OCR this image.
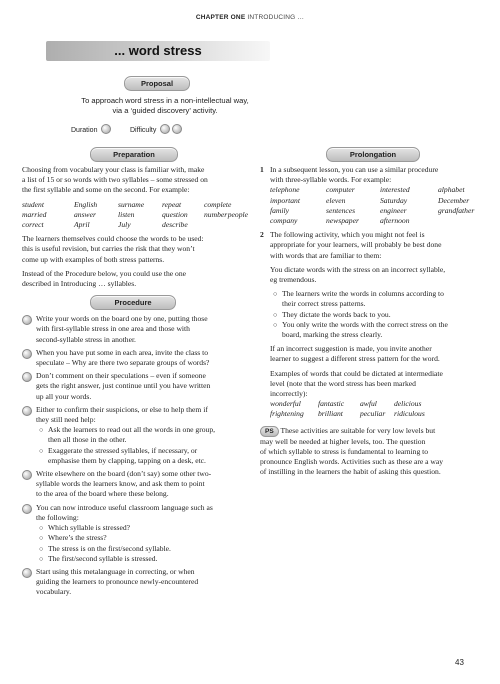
CHAPTER ONE INTRODUCING …
... word stress
Proposal
To approach word stress in a non-intellectual way,
via a ‘guided discovery’ activity.
Duration	Difficulty
Preparation

Choosing from vocabulary your class is familiar with, make
a list of 15 or so words with two syllables – some stressed on
the first syllable and some on the second. For example:

student	English	surname	repeat	complete
married	answer	listen	question	number people
correct	April	July	describe

The learners themselves could choose the words to be used:
this is useful revision, but carries the risk that they won’t
come up with examples of both stress patterns.

Instead of the Procedure below, you could use the one
described in Introducing … syllables.

Procedure
Write your words on the board one by one, putting those
with first-syllable stress in one area and those with
second-syllable stress in another.
When you have put some in each area, invite the class to
speculate – Why are there two separate groups of words?
Don’t comment on their speculations – even if someone
gets the right answer, just continue until you have written
up all your words.
Either to confirm their suspicions, or else to help them if
they still need help:
○ Ask the learners to read out all the words in one group,
then all those in the other.
○ Exaggerate the stressed syllables, if necessary, or
emphasise them by clapping, tapping on a desk, etc.
Write elsewhere on the board (don’t say) some other two-
syllable words the learners know, and ask them to point
to the area of the board where these belong.
You can now introduce useful classroom language such as
the following:
○ Which syllable is stressed?
○ Where’s the stress?
○ The stress is on the first/second syllable.
○ The first/second syllable is stressed.
Start using this metalanguage in correcting, or when
guiding the learners to pronounce newly-encountered
vocabulary.
Prolongation
1 In a subsequent lesson, you can use a similar procedure
with three-syllable words. For example:
telephone	computer	interested	alphabet
important	eleven	Saturday	December
family	sentences	engineer	grandfather
company	newspaper	afternoon
2 The following activity, which you might not feel is
appropriate for your learners, will probably be best done
with words that are familiar to them:

You dictate words with the stress on an incorrect syllable,
eg tremendous.

○ The learners write the words in columns according to
their correct stress patterns.
○ They dictate the words back to you.
○ You only write the words with the correct stress on the
board, marking the stress clearly.

If an incorrect suggestion is made, you invite another
learner to suggest a different stress pattern for the word.

Examples of words that could be dictated at intermediate
level (note that the word stress has been marked
incorrectly):

wonderful	fantastic	awful	delicious
frightening	brilliant	peculiar	ridiculous

PS These activities are suitable for very low levels but
may well be needed at higher levels, too. The question
of which syllable to stress is fundamental to learning to
pronounce English words. Activities such as these are a way
of instilling in the learners the habit of asking this question.

43
